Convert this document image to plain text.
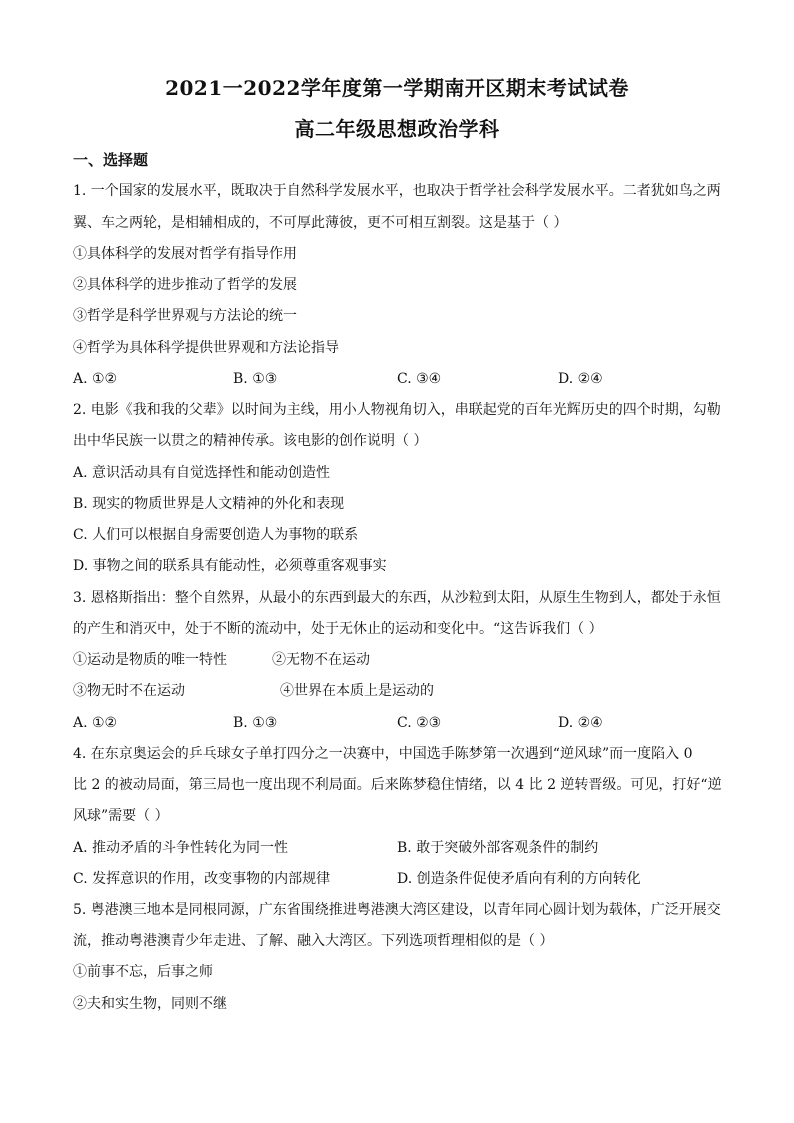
2021一2022学年度第一学期南开区期末考试试卷
高二年级思想政治学科
一、选择题
1. 一个国家的发展水平，既取决于自然科学发展水平，也取决于哲学社会科学发展水平。二者犹如鸟之两
翼、车之两轮，是相辅相成的，不可厚此薄彼，更不可相互割裂。这是基于（ ）
①具体科学的发展对哲学有指导作用
②具体科学的进步推动了哲学的发展
③哲学是科学世界观与方法论的统一
④哲学为具体科学提供世界观和方法论指导
A. ①②	B. ①③	C. ③④	D. ②④
2. 电影《我和我的父辈》以时间为主线，用小人物视角切入，串联起党的百年光辉历史的四个时期，勾勒
出中华民族一以贯之的精神传承。该电影的创作说明（ ）
A. 意识活动具有自觉选择性和能动创造性
B. 现实的物质世界是人文精神的外化和表现
C. 人们可以根据自身需要创造人为事物的联系
D. 事物之间的联系具有能动性，必须尊重客观事实
3. 恩格斯指出：整个自然界，从最小的东西到最大的东西，从沙粒到太阳，从原生生物到人，都处于永恒
的产生和消灭中，处于不断的流动中，处于无休止的运动和变化中。“这告诉我们（ ）
①运动是物质的唯一特性	②无物不在运动
③物无时不在运动	④世界在本质上是运动的
A. ①②	B. ①③	C. ②③	D. ②④
4. 在东京奥运会的乒乓球女子单打四分之一决赛中，中国选手陈梦第一次遇到“逆风球”而一度陷入 0
比 2 的被动局面，第三局也一度出现不利局面。后来陈梦稳住情绪，以 4 比 2 逆转晋级。可见，打好“逆
风球”需要（ ）
A. 推动矛盾的斗争性转化为同一性	B. 敢于突破外部客观条件的制约
C. 发挥意识的作用，改变事物的内部规律	D. 创造条件促使矛盾向有利的方向转化
5. 粤港澳三地本是同根同源，广东省围绕推进粤港澳大湾区建设，以青年同心圆计划为载体，广泛开展交
流，推动粤港澳青少年走进、了解、融入大湾区。下列选项哲理相似的是（ ）
①前事不忘，后事之师
②夫和实生物，同则不继
